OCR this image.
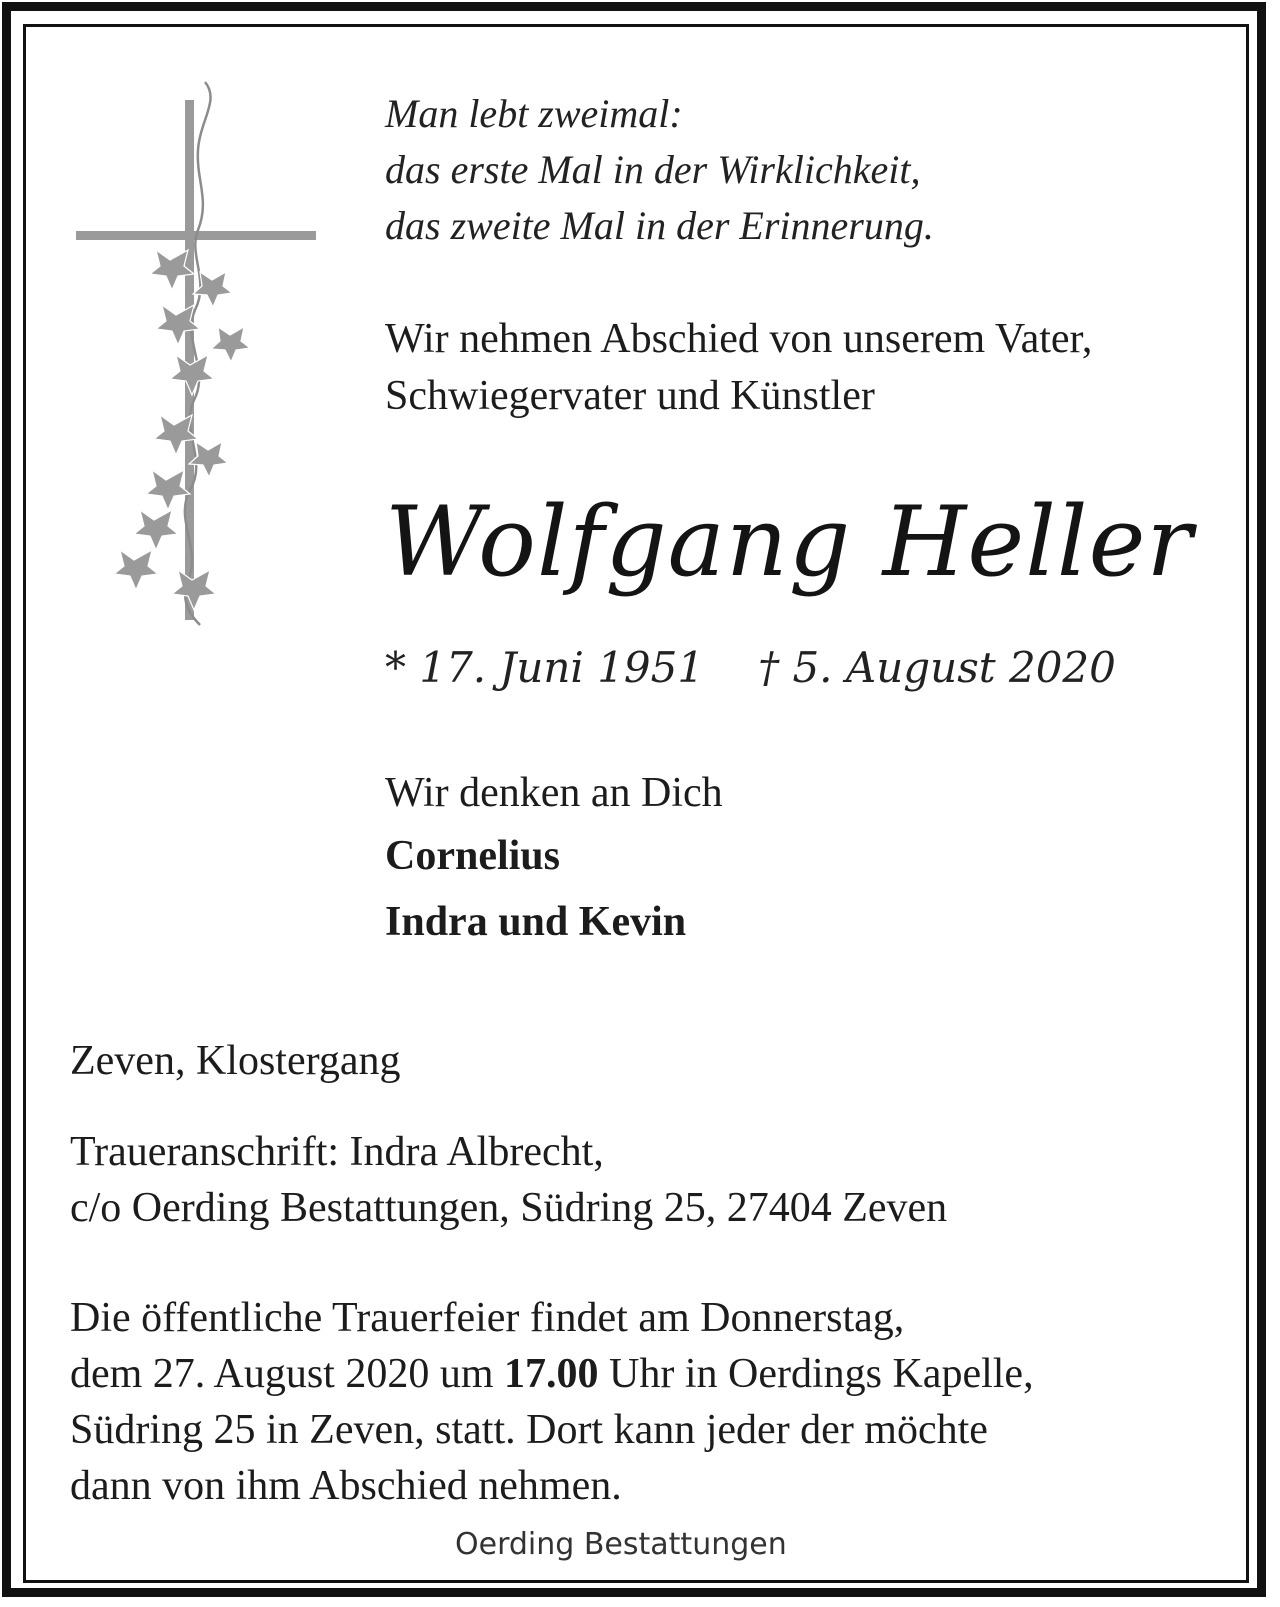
Man lebt zweimal:
das erste Mal in der Wirklichkeit,
das zweite Mal in der Erinnerung.
Wir nehmen Abschied von unserem Vater,
Schwiegervater und Künstler
Wolfgang Heller
* 17. Juni 1951 † 5. August 2020
Wir denken an Dich
Cornelius
Indra und Kevin
Zeven, Klostergang
Traueranschrift: Indra Albrecht,
c/o Oerding Bestattungen, Südring 25, 27404 Zeven
Die öffentliche Trauerfeier findet am Donnerstag,
dem 27. August 2020 um 17.00 Uhr in Oerdings Kapelle,
Südring 25 in Zeven, statt. Dort kann jeder der möchte
dann von ihm Abschied nehmen.
Oerding Bestattungen
